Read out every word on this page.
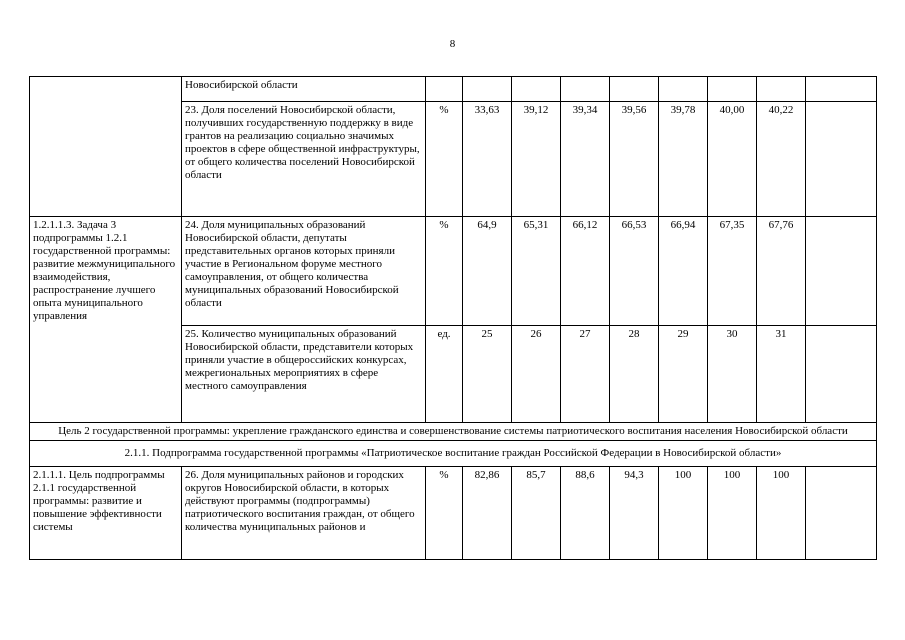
8
	Новосибирской области									
	23. Доля поселений Новосибирской области, получивших государственную поддержку в виде грантов на реализацию социально значимых проектов в сфере общественной инфраструктуры, от общего количества поселений Новосибирской области	%	33,63	39,12	39,34	39,56	39,78	40,00	40,22	
1.2.1.1.3. Задача 3 подпрограммы 1.2.1 государственной программы: развитие межмуниципального взаимодействия, распространение лучшего опыта муниципального управления	24. Доля муниципальных образований Новосибирской области, депутаты представительных органов которых приняли участие в Региональном форуме местного самоуправления, от общего количества муниципальных образований Новосибирской области	%	64,9	65,31	66,12	66,53	66,94	67,35	67,76	
	25. Количество муниципальных образований Новосибирской области, представители которых приняли участие в общероссийских конкурсах, межрегиональных мероприятиях в сфере местного самоуправления	ед.	25	26	27	28	29	30	31	
Цель 2 государственной программы: укрепление гражданского единства и совершенствование системы патриотического воспитания населения Новосибирской области										
2.1.1. Подпрограмма государственной программы «Патриотическое воспитание граждан Российской Федерации в Новосибирской области»										
2.1.1.1. Цель подпрограммы 2.1.1 государственной программы: развитие и повышение эффективности системы	26. Доля муниципальных районов и городских округов Новосибирской области, в которых действуют программы (подпрограммы) патриотического воспитания граждан, от общего количества муниципальных районов и	%	82,86	85,7	88,6	94,3	100	100	100	
